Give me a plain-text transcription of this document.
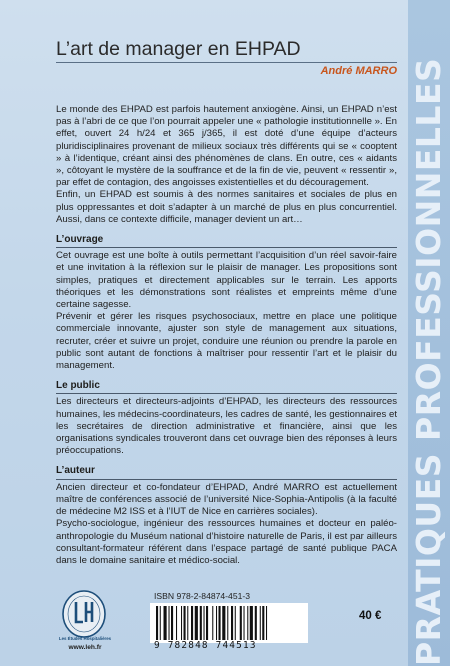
PRATIQUES PROFESSIONNELLES
L’art de manager en EHPAD
André MARRO

Le monde des EHPAD est parfois hautement anxiogène. Ainsi, un EHPAD n’est pas à l’abri de ce que l’on pourrait appeler une « pathologie institutionnelle ». En effet, ouvert 24 h/24 et 365 j/365, il est doté d’une équipe d’acteurs pluridisciplinaires provenant de milieux sociaux très différents qui se « cooptent » à l’identique, créant ainsi des phénomènes de clans. En outre, ces « aidants », côtoyant le mystère de la souffrance et de la fin de vie, peuvent « ressentir », par effet de contagion, des angoisses existentielles et du découragement.

Enfin, un EHPAD est soumis à des normes sanitaires et sociales de plus en plus oppressantes et doit s’adapter à un marché de plus en plus concurrentiel. Aussi, dans ce contexte difficile, manager devient un art…

L’ouvrage

Cet ouvrage est une boîte à outils permettant l’acquisition d’un réel savoir-faire et une invitation à la réflexion sur le plaisir de manager. Les propositions sont simples, pratiques et directement applicables sur le terrain. Les apports théoriques et les démonstrations sont réalistes et empreints même d’une certaine sagesse.

Prévenir et gérer les risques psychosociaux, mettre en place une politique commerciale innovante, ajuster son style de management aux situations, recruter, créer et suivre un projet, conduire une réunion ou prendre la parole en public sont autant de fonctions à maîtriser pour ressentir l’art et le plaisir du management.

Le public

Les directeurs et directeurs-adjoints d’EHPAD, les directeurs des ressources humaines, les médecins-coordinateurs, les cadres de santé, les gestionnaires et les secrétaires de direction administrative et financière, ainsi que les organisations syndicales trouveront dans cet ouvrage bien des réponses à leurs préoccupations.

L’auteur

Ancien directeur et co-fondateur d’EHPAD, André MARRO est actuellement maître de conférences associé de l’université Nice-Sophia-Antipolis (à la faculté de médecine M2 ISS et à l’IUT de Nice en carrières sociales).

Psycho-sociologue, ingénieur des ressources humaines et docteur en paléo-anthropologie du Muséum national d’histoire naturelle de Paris, il est par ailleurs consultant-formateur référent dans l’espace partagé de santé publique PACA dans le domaine sanitaire et médico-social.

Les Études Hospitalières
www.leh.fr
ISBN 978-2-84874-451-3
9 782848 744513
40 €
